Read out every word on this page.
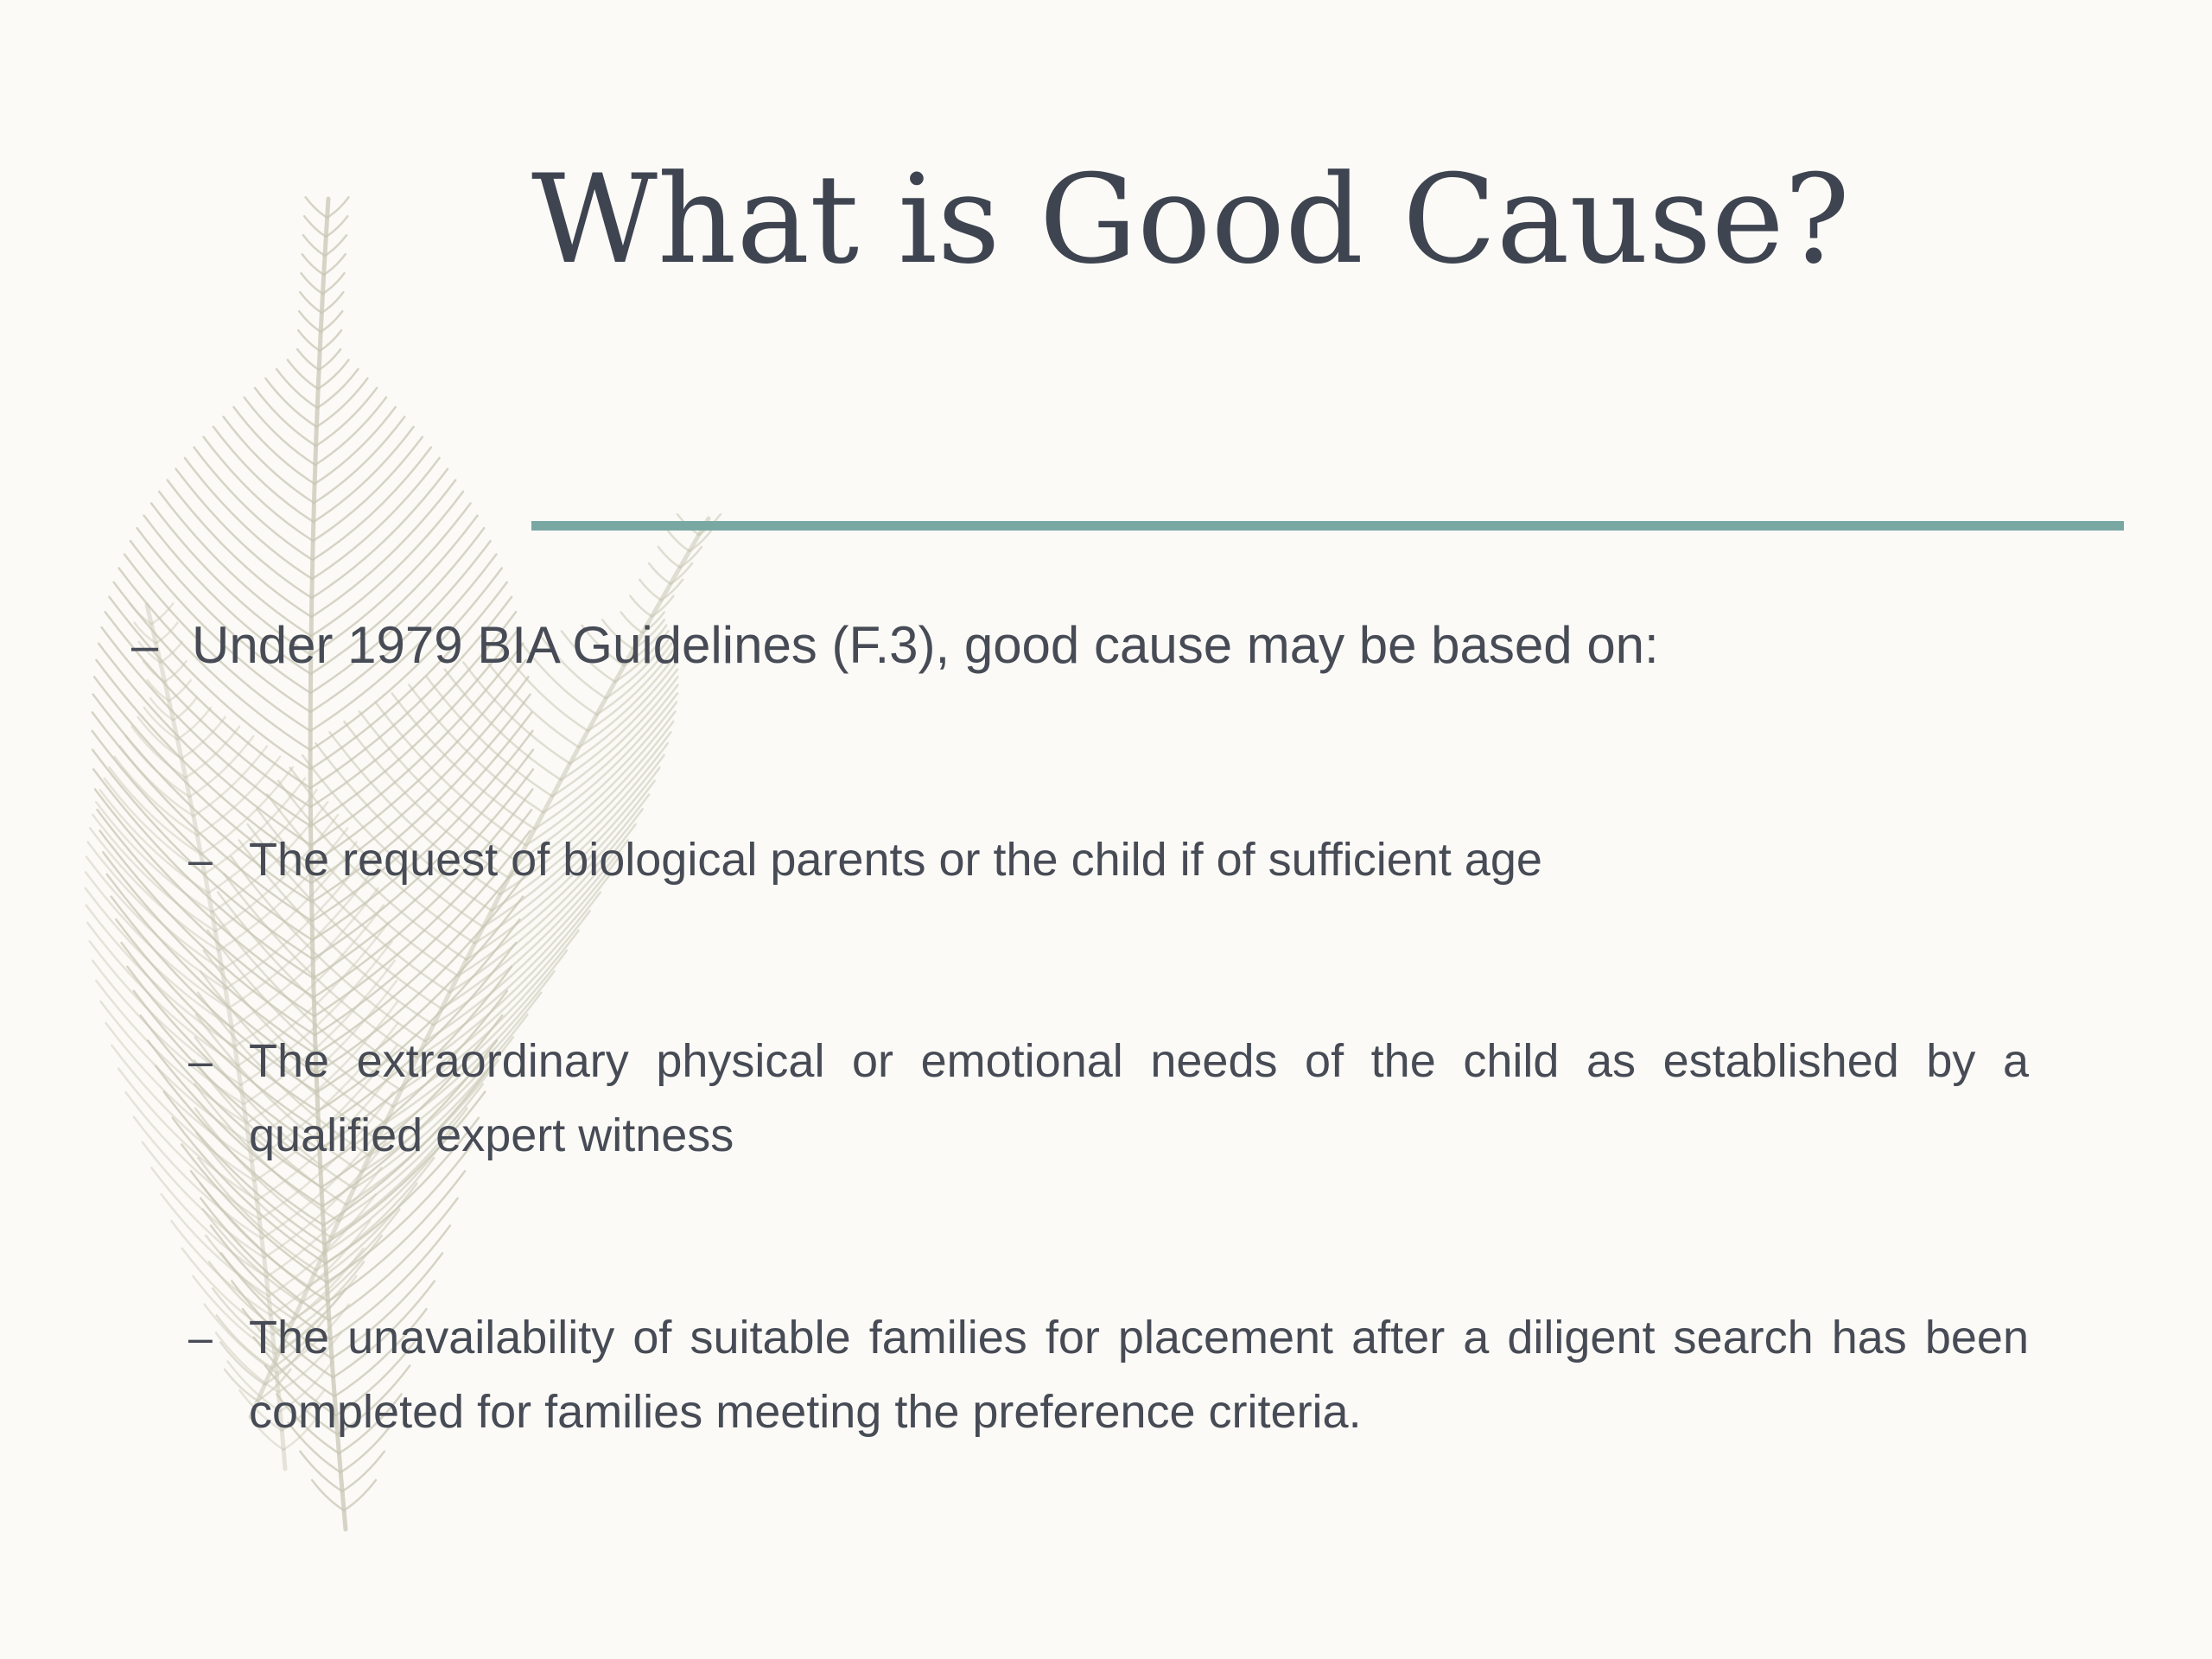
What is Good Cause?
– Under 1979 BIA Guidelines (F.3), good cause may be based on:
– The request of biological parents or the child if of sufficient age
– The extraordinary physical or emotional needs of the child as established by a qualified expert witness
– The unavailability of suitable families for placement after a diligent search has been completed for families meeting the preference criteria.
